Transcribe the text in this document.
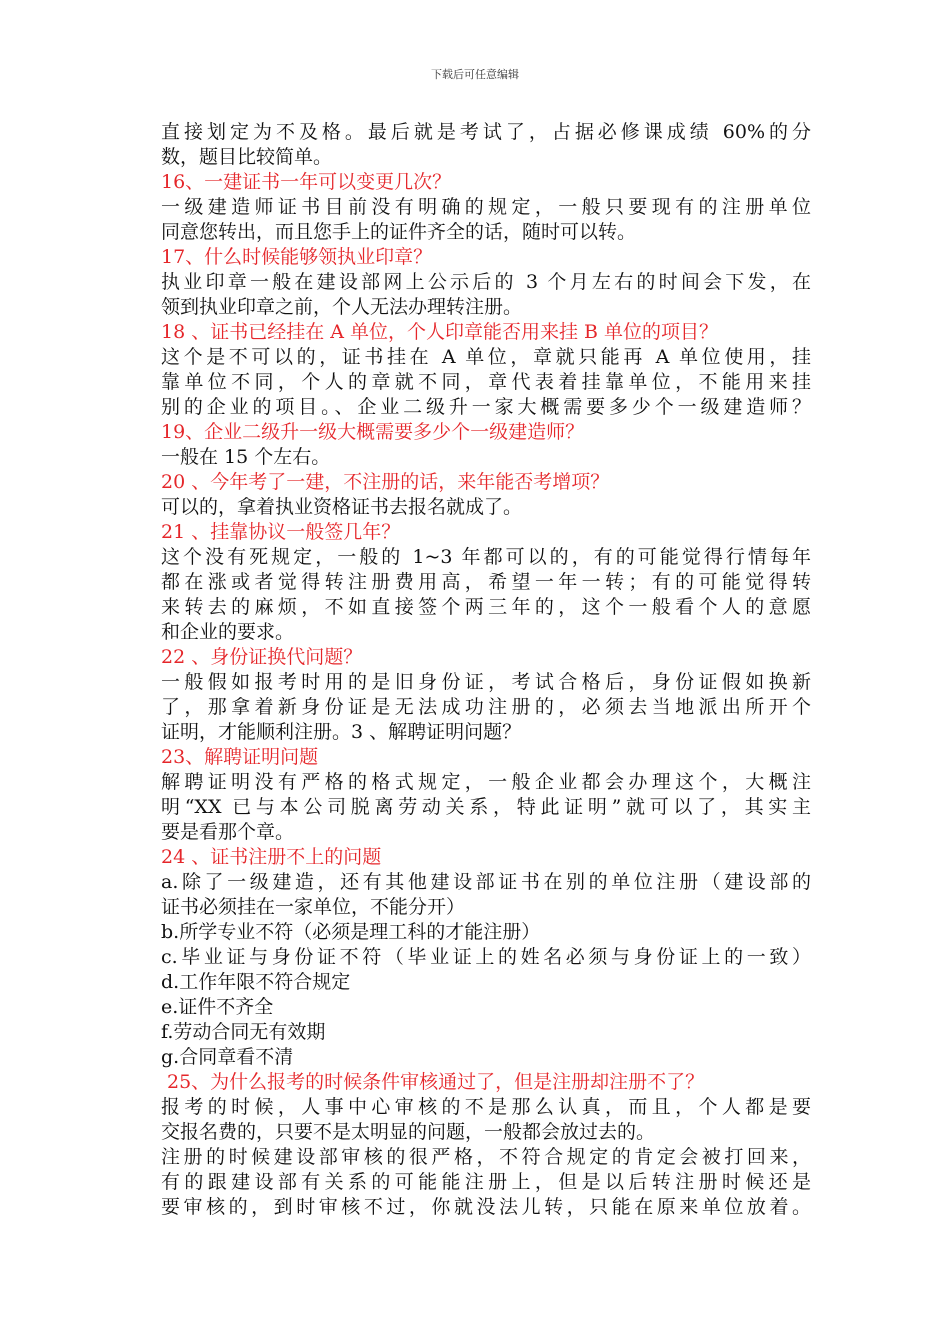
下载后可任意编辑
直接划定为不及格。最后就是考试了，占据必修课成绩 60%的分
数，题目比较简单。
16、一建证书一年可以变更几次？
一级建造师证书目前没有明确的规定，一般只要现有的注册单位
同意您转出，而且您手上的证件齐全的话，随时可以转。
17、什么时候能够领执业印章？
执业印章一般在建设部网上公示后的 3 个月左右的时间会下发，在
领到执业印章之前，个人无法办理转注册。
18 、证书已经挂在 A 单位，个人印章能否用来挂 B 单位的项目？
这个是不可以的，证书挂在 A 单位，章就只能再 A 单位使用，挂
靠单位不同，个人的章就不同，章代表着挂靠单位，不能用来挂
别的企业的项目。、企业二级升一家大概需要多少个一级建造师？
19、企业二级升一级大概需要多少个一级建造师？
一般在 15 个左右。
20 、今年考了一建，不注册的话，来年能否考增项？
可以的，拿着执业资格证书去报名就成了。
21 、挂靠协议一般签几年？
这个没有死规定，一般的 1~3 年都可以的，有的可能觉得行情每年
都在涨或者觉得转注册费用高，希望一年一转；有的可能觉得转
来转去的麻烦，不如直接签个两三年的，这个一般看个人的意愿
和企业的要求。
22 、身份证换代问题？
一般假如报考时用的是旧身份证，考试合格后，身份证假如换新
了，那拿着新身份证是无法成功注册的，必须去当地派出所开个
证明，才能顺利注册。3 、解聘证明问题？
23、解聘证明问题
解聘证明没有严格的格式规定，一般企业都会办理这个，大概注
明“XX 已与本公司脱离劳动关系，特此证明”就可以了，其实主
要是看那个章。
24 、证书注册不上的问题
a.除了一级建造，还有其他建设部证书在别的单位注册（建设部的
证书必须挂在一家单位，不能分开）
b.所学专业不符（必须是理工科的才能注册）
c.毕业证与身份证不符（毕业证上的姓名必须与身份证上的一致）
d.工作年限不符合规定
e.证件不齐全
f.劳动合同无有效期
g.合同章看不清
25、为什么报考的时候条件审核通过了，但是注册却注册不了？
报考的时候，人事中心审核的不是那么认真，而且，个人都是要
交报名费的，只要不是太明显的问题，一般都会放过去的。
注册的时候建设部审核的很严格，不符合规定的肯定会被打回来，
有的跟建设部有关系的可能能注册上，但是以后转注册时候还是
要审核的，到时审核不过，你就没法儿转，只能在原来单位放着。
